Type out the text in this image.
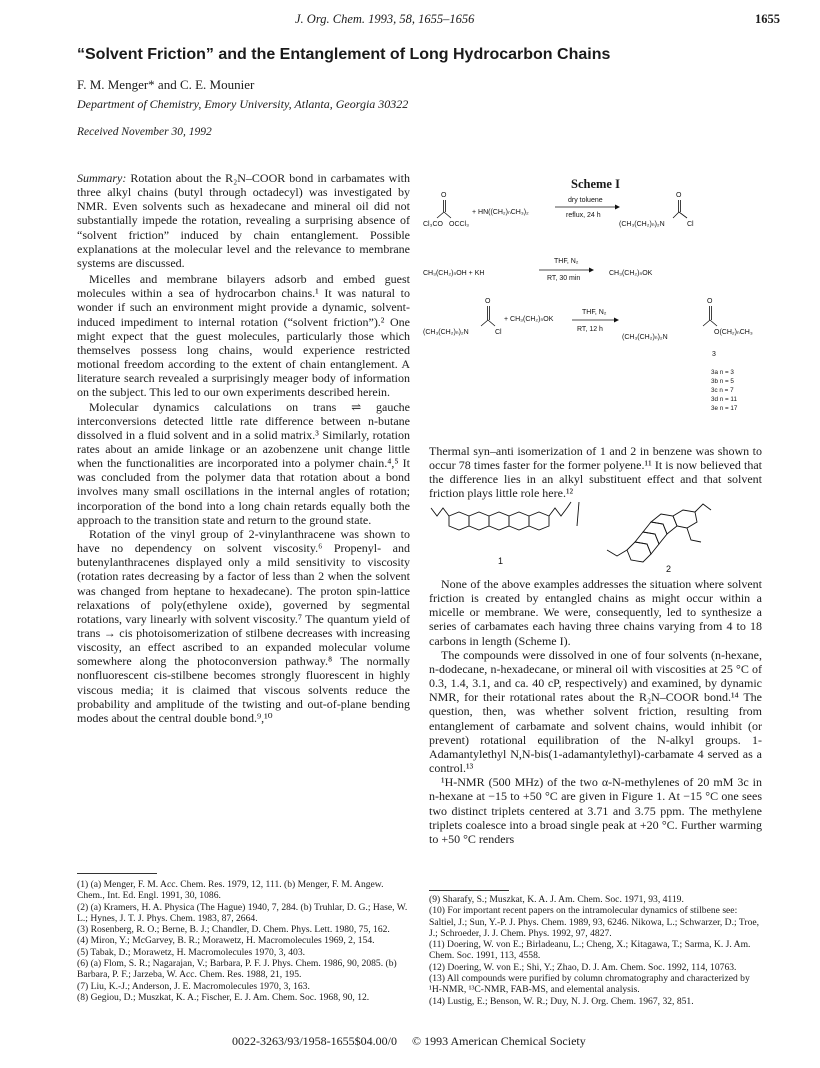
J. Org. Chem. 1993, 58, 1655–1656	1655
“Solvent Friction” and the Entanglement of Long Hydrocarbon Chains
F. M. Menger* and C. E. Mounier
Department of Chemistry, Emory University, Atlanta, Georgia 30322
Received November 30, 1992

Summary: Rotation about the R₂N–COOR bond in carbamates with three alkyl chains (butyl through octadecyl) was investigated by NMR. Even solvents such as hexadecane and mineral oil did not substantially impede the rotation, revealing a surprising absence of “solvent friction” induced by chain entanglement. Possible explanations at the molecular level and the relevance to membrane systems are discussed.

Micelles and membrane bilayers adsorb and embed guest molecules within a sea of hydrocarbon chains.¹ It was natural to wonder if such an environment might provide a dynamic, solvent-induced impediment to internal rotation (“solvent friction”).² One might expect that the guest molecules, particularly those which themselves possess long chains, would experience restricted motional freedom according to the extent of chain entanglement. A literature search revealed a surprisingly meager body of information on the subject. This led to our own experiments described herein.

Molecular dynamics calculations on trans ⇌ gauche interconversions detected little rate difference between n-butane dissolved in a fluid solvent and in a solid matrix.³ Similarly, rotation rates about an amide linkage or an azobenzene unit change little when the functionalities are incorporated into a polymer chain.⁴,⁵ It was concluded from the polymer data that rotation about a bond involves many small oscillations in the internal angles of rotation; incorporation of the bond into a long chain retards equally both the approach to the transition state and return to the ground state.

Rotation of the vinyl group of 2-vinylanthracene was shown to have no dependency on solvent viscosity.⁶ Propenyl- and butenylanthracenes displayed only a mild sensitivity to viscosity (rotation rates decreasing by a factor of less than 2 when the solvent was changed from heptane to hexadecane). The proton spin-lattice relaxations of poly(ethylene oxide), governed by segmental rotations, vary linearly with solvent viscosity.⁷ The quantum yield of trans → cis photoisomerization of stilbene decreases with increasing viscosity, an effect ascribed to an expanded molecular volume somewhere along the photoconversion pathway.⁸ The normally nonfluorescent cis-stilbene becomes strongly fluorescent in highly viscous media; it is claimed that viscous solvents reduce the probability and amplitude of the twisting and out-of-plane bending modes about the central double bond.⁹,¹⁰

(1) (a) Menger, F. M. Acc. Chem. Res. 1979, 12, 111. (b) Menger, F. M. Angew. Chem., Int. Ed. Engl. 1991, 30, 1086.
(2) (a) Kramers, H. A. Physica (The Hague) 1940, 7, 284. (b) Truhlar, D. G.; Hase, W. L.; Hynes, J. T. J. Phys. Chem. 1983, 87, 2664.
(3) Rosenberg, R. O.; Berne, B. J.; Chandler, D. Chem. Phys. Lett. 1980, 75, 162.
(4) Miron, Y.; McGarvey, B. R.; Morawetz, H. Macromolecules 1969, 2, 154.
(5) Tabak, D.; Morawetz, H. Macromolecules 1970, 3, 403.
(6) (a) Flom, S. R.; Nagarajan, V.; Barbara, P. F. J. Phys. Chem. 1986, 90, 2085. (b) Barbara, P. F.; Jarzeba, W. Acc. Chem. Res. 1988, 21, 195.
(7) Liu, K.-J.; Anderson, J. E. Macromolecules 1970, 3, 163.
(8) Gegiou, D.; Muszkat, K. A.; Fischer, E. J. Am. Chem. Soc. 1968, 90, 12.
Scheme I
O
Cl₃CO OCCl₃
+ HN((CH₂)ₙCH₃)₂
dry toluene
reflux, 24 h
O
(CH₃(CH₂)ₙ)₂N	Cl
CH₃(CH₂)ₙOH + KH
THF, N₂
RT, 30 min
CH₃(CH₂)ₙOK
O
(CH₃(CH₂)ₙ)₂N	Cl
+ CH₃(CH₂)ₙOK
THF, N₂
RT, 12 h
O
(CH₃(CH₂)ₙ)₂N
O(CH₂)ₙCH₃
3
3a n = 3
3b n = 5
3c n = 7
3d n = 11
3e n = 17

Thermal syn–anti isomerization of 1 and 2 in benzene was shown to occur 78 times faster for the former polyene.¹¹ It is now believed that the difference lies in an alkyl substituent effect and that solvent friction plays little role here.¹²

1
2

None of the above examples addresses the situation where solvent friction is created by entangled chains as might occur within a micelle or membrane. We were, consequently, led to synthesize a series of carbamates each having three chains varying from 4 to 18 carbons in length (Scheme I).

The compounds were dissolved in one of four solvents (n-hexane, n-dodecane, n-hexadecane, or mineral oil with viscosities at 25 °C of 0.3, 1.4, 3.1, and ca. 40 cP, respectively) and examined, by dynamic NMR, for their rotational rates about the R₂N–COOR bond.¹⁴ The question, then, was whether solvent friction, resulting from entanglement of carbamate and solvent chains, would inhibit (or prevent) rotational equilibration of the N-alkyl groups. 1-Adamantylethyl N,N-bis(1-adamantylethyl)-carbamate 4 served as a control.¹³

¹H-NMR (500 MHz) of the two α-N-methylenes of 20 mM 3c in n-hexane at −15 to +50 °C are given in Figure 1. At −15 °C one sees two distinct triplets centered at 3.71 and 3.75 ppm. The methylene triplets coalesce into a broad single peak at +20 °C. Further warming to +50 °C renders

(9) Sharafy, S.; Muszkat, K. A. J. Am. Chem. Soc. 1971, 93, 4119.
(10) For important recent papers on the intramolecular dynamics of stilbene see: Saltiel, J.; Sun, Y.-P. J. Phys. Chem. 1989, 93, 6246. Nikowa, L.; Schwarzer, D.; Troe, J.; Schroeder, J. J. Chem. Phys. 1992, 97, 4827.
(11) Doering, W. von E.; Birladeanu, L.; Cheng, X.; Kitagawa, T.; Sarma, K. J. Am. Chem. Soc. 1991, 113, 4558.
(12) Doering, W. von E.; Shi, Y.; Zhao, D. J. Am. Chem. Soc. 1992, 114, 10763.
(13) All compounds were purified by column chromatography and characterized by ¹H-NMR, ¹³C-NMR, FAB-MS, and elemental analysis.
(14) Lustig, E.; Benson, W. R.; Duy, N. J. Org. Chem. 1967, 32, 851.
0022-3263/93/1958-1655$04.00/0 © 1993 American Chemical Society
